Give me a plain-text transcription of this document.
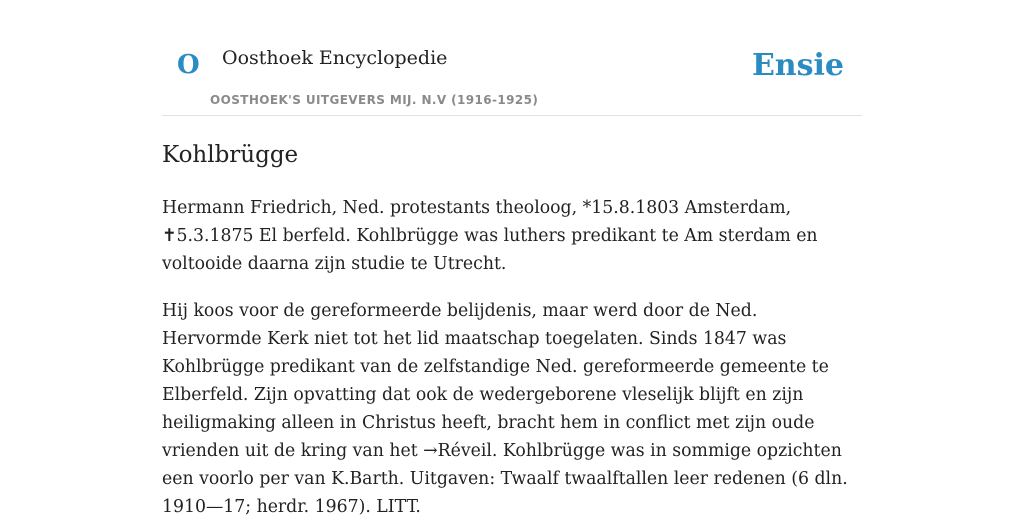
O Oosthoek Encyclopedie
OOSTHOEK'S UITGEVERS MIJ. N.V (1916-1925)
Ensie
Kohlbrügge

Hermann Friedrich, Ned. protestants theoloog, *15.8.1803 Amsterdam, ✝5.3.1875 El berfeld. Kohlbrügge was luthers predikant te Am sterdam en voltooide daarna zijn studie te Utrecht.

Hij koos voor de gereformeerde belijdenis, maar werd door de Ned. Hervormde Kerk niet tot het lid maatschap toegelaten. Sinds 1847 was Kohlbrügge predikant van de zelfstandige Ned. gereformeerde gemeente te Elberfeld. Zijn opvatting dat ook de wedergeborene vleselijk blijft en zijn heiligmaking alleen in Christus heeft, bracht hem in conflict met zijn oude vrienden uit de kring van het →Réveil. Kohlbrügge was in sommige opzichten een voorlo per van K.Barth. Uitgaven: Twaalf twaalftallen leer redenen (6 dln. 1910—17; herdr. 1967). LITT.
